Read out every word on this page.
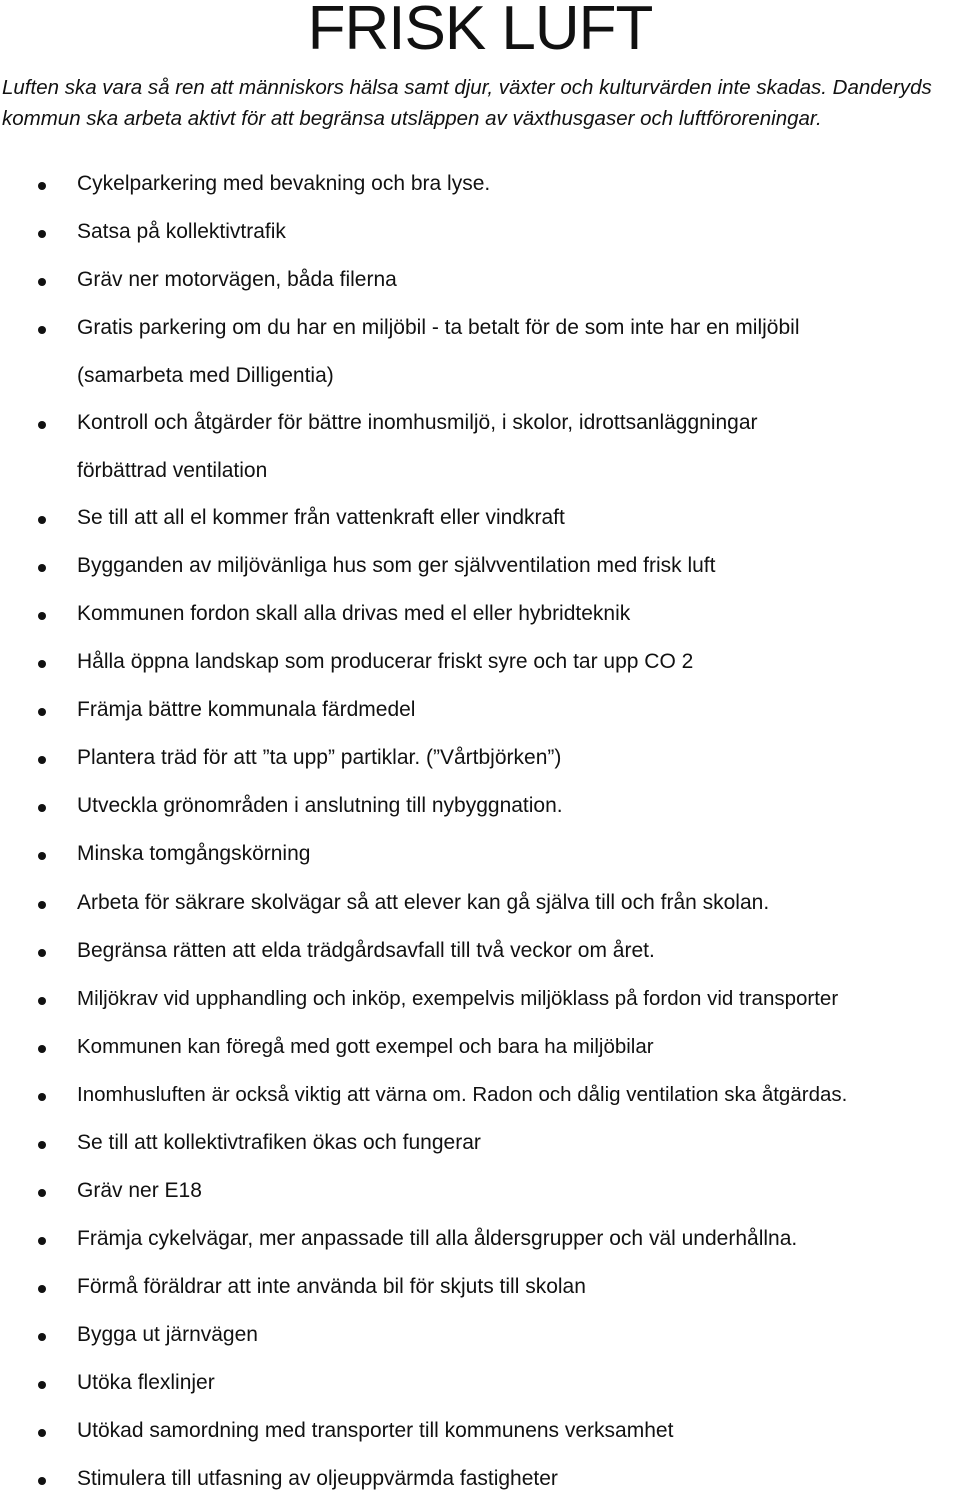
FRISK LUFT

Luften ska vara så ren att människors hälsa samt djur, växter och kulturvärden inte skadas. Danderyds kommun ska arbeta aktivt för att begränsa utsläppen av växthusgaser och luftföroreningar.

Cykelparkering med bevakning och bra lyse.
Satsa på kollektivtrafik
Gräv ner motorvägen, båda filerna
Gratis parkering om du har en miljöbil - ta betalt för de som inte har en miljöbil
(samarbeta med Dilligentia)
Kontroll och åtgärder för bättre inomhusmiljö, i skolor, idrottsanläggningar
förbättrad ventilation
Se till att all el kommer från vattenkraft eller vindkraft
Bygganden av miljövänliga hus som ger självventilation med frisk luft
Kommunen fordon skall alla drivas med el eller hybridteknik
Hålla öppna landskap som producerar friskt syre och tar upp CO 2
Främja bättre kommunala färdmedel
Plantera träd för att ”ta upp” partiklar. (”Vårtbjörken”)
Utveckla grönområden i anslutning till nybyggnation.
Minska tomgångskörning
Arbeta för säkrare skolvägar så att elever kan gå själva till och från skolan.
Begränsa rätten att elda trädgårdsavfall till två veckor om året.
Miljökrav vid upphandling och inköp, exempelvis miljöklass på fordon vid transporter
Kommunen kan föregå med gott exempel och bara ha miljöbilar
Inomhusluften är också viktig att värna om. Radon och dålig ventilation ska åtgärdas.
Se till att kollektivtrafiken ökas och fungerar
Gräv ner E18
Främja cykelvägar, mer anpassade till alla åldersgrupper och väl underhållna.
Förmå föräldrar att inte använda bil för skjuts till skolan
Bygga ut järnvägen
Utöka flexlinjer
Utökad samordning med transporter till kommunens verksamhet
Stimulera till utfasning av oljeuppvärmda fastigheter
